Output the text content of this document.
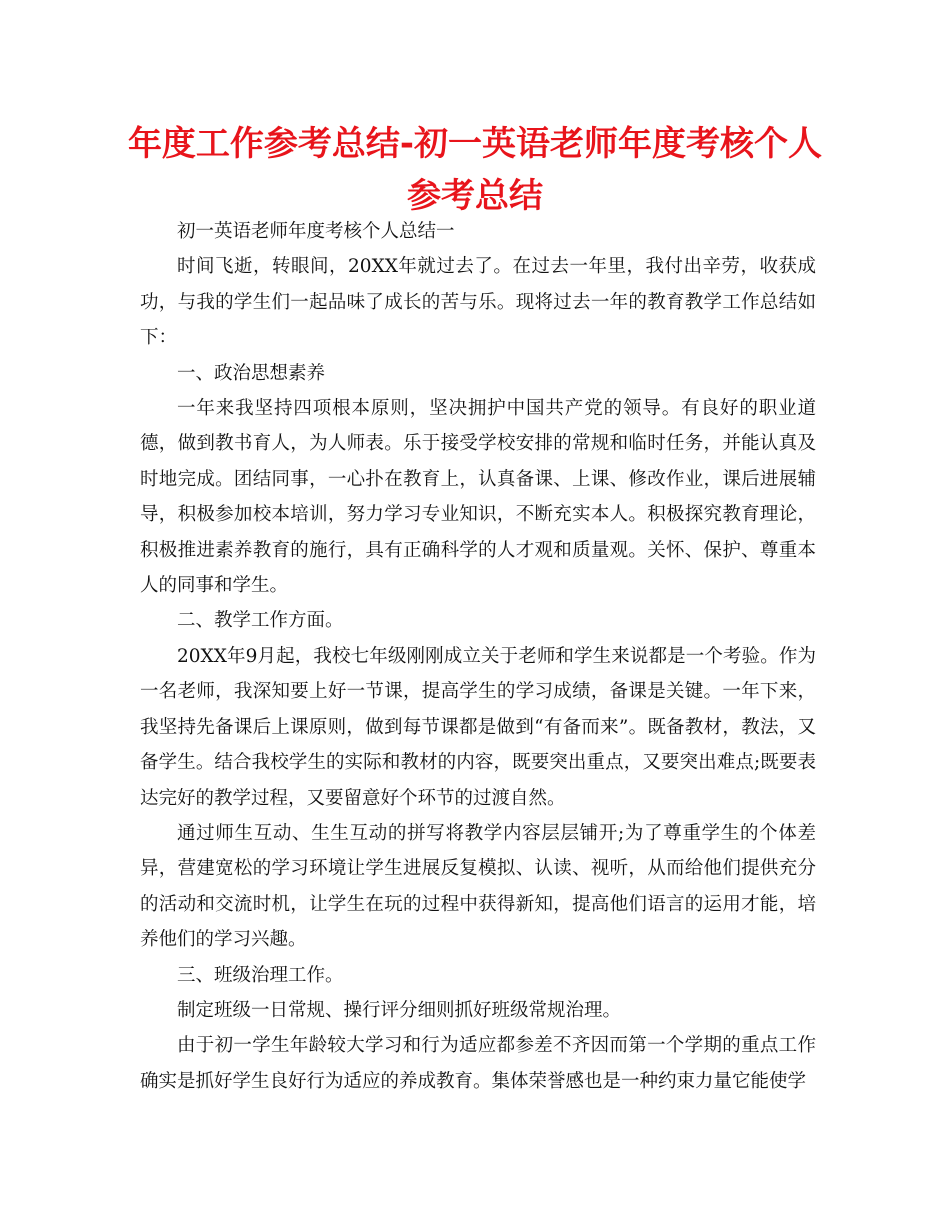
年度工作参考总结-初一英语老师年度考核个人参考总结

初一英语老师年度考核个人总结一

时间飞逝，转眼间，20XX年就过去了。在过去一年里，我付出辛劳，收获成功，与我的学生们一起品味了成长的苦与乐。现将过去一年的教育教学工作总结如下：

一、政治思想素养

一年来我坚持四项根本原则，坚决拥护中国共产党的领导。有良好的职业道德，做到教书育人，为人师表。乐于接受学校安排的常规和临时任务，并能认真及时地完成。团结同事，一心扑在教育上，认真备课、上课、修改作业，课后进展辅导，积极参加校本培训，努力学习专业知识，不断充实本人。积极探究教育理论，积极推进素养教育的施行，具有正确科学的人才观和质量观。关怀、保护、尊重本人的同事和学生。

二、教学工作方面。

20XX年9月起，我校七年级刚刚成立关于老师和学生来说都是一个考验。作为一名老师，我深知要上好一节课，提高学生的学习成绩，备课是关键。一年下来，我坚持先备课后上课原则，做到每节课都是做到“有备而来”。既备教材，教法，又备学生。结合我校学生的实际和教材的内容，既要突出重点，又要突出难点;既要表达完好的教学过程，又要留意好个环节的过渡自然。

通过师生互动、生生互动的拼写将教学内容层层铺开;为了尊重学生的个体差异，营建宽松的学习环境让学生进展反复模拟、认读、视听，从而给他们提供充分的活动和交流时机，让学生在玩的过程中获得新知，提高他们语言的运用才能，培养他们的学习兴趣。

三、班级治理工作。

制定班级一日常规、操行评分细则抓好班级常规治理。

由于初一学生年龄较大学习和行为适应都参差不齐因而第一个学期的重点工作确实是抓好学生良好行为适应的养成教育。集体荣誉感也是一种约束力量它能使学
